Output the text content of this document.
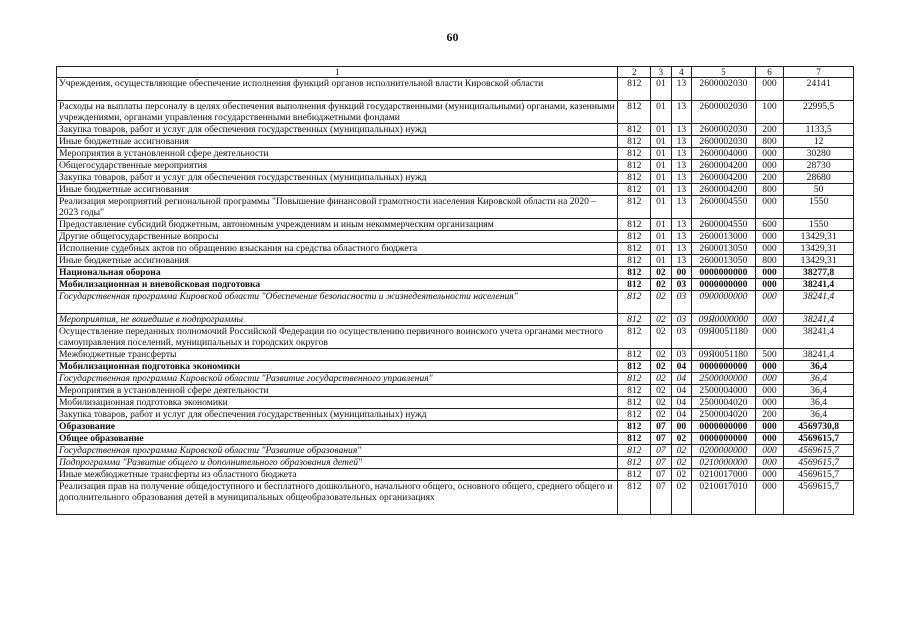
60
1	2	3	4	5	6	7
Учреждения, осуществляющие обеспечение исполнения функций органов исполнительной власти Кировской области	812	01	13	2600002030	000	24141
Расходы на выплаты персоналу в целях обеспечения выполнения функций государственными (муниципальными) органами, казенными учреждениями, органами управления государственными внебюджетными фондами	812	01	13	2600002030	100	22995,5
Закупка товаров, работ и услуг для обеспечения государственных (муниципальных) нужд	812	01	13	2600002030	200	1133,5
Иные бюджетные ассигнования	812	01	13	2600002030	800	12
Мероприятия в установленной сфере деятельности	812	01	13	2600004000	000	30280
Общегосударственные мероприятия	812	01	13	2600004200	000	28730
Закупка товаров, работ и услуг для обеспечения государственных (муниципальных) нужд	812	01	13	2600004200	200	28680
Иные бюджетные ассигнования	812	01	13	2600004200	800	50
Реализация мероприятий региональной программы "Повышение финансовой грамотности населения Кировской области на 2020 – 2023 годы"	812	01	13	2600004550	000	1550
Предоставление субсидий бюджетным, автономным учреждениям и иным некоммерческим организациям	812	01	13	2600004550	600	1550
Другие общегосударственные вопросы	812	01	13	2600013000	000	13429,31
Исполнение судебных актов по обращению взыскания на средства областного бюджета	812	01	13	2600013050	000	13429,31
Иные бюджетные ассигнования	812	01	13	2600013050	800	13429,31
Национальная оборона	812	02	00	0000000000	000	38277,8
Мобилизационная и вневойсковая подготовка	812	02	03	0000000000	000	38241,4
Государственная программа Кировской области "Обеспечение безопасности и жизнедеятельности населения"	812	02	03	0900000000	000	38241,4
Мероприятия, не вошедшие в подпрограммы	812	02	03	09Я0000000	000	38241,4
Осуществление переданных полномочий Российской Федерации по осуществлению первичного воинского учета органами местного самоуправления поселений, муниципальных и городских округов	812	02	03	09Я0051180	000	38241,4
Межбюджетные трансферты	812	02	03	09Я0051180	500	38241,4
Мобилизационная подготовка экономики	812	02	04	0000000000	000	36,4
Государственная программа Кировской области "Развитие государственного управления"	812	02	04	2500000000	000	36,4
Мероприятия в установленной сфере деятельности	812	02	04	2500004000	000	36,4
Мобилизационная подготовка экономики	812	02	04	2500004020	000	36,4
Закупка товаров, работ и услуг для обеспечения государственных (муниципальных) нужд	812	02	04	2500004020	200	36,4
Образование	812	07	00	0000000000	000	4569730,8
Общее образование	812	07	02	0000000000	000	4569615,7
Государственная программа Кировской области "Развитие образования"	812	07	02	0200000000	000	4569615,7
Подпрограмма "Развитие общего и дополнительного образования детей"	812	07	02	0210000000	000	4569615,7
Иные межбюджетные трансферты из областного бюджета	812	07	02	0210017000	000	4569615,7
Реализация прав на получение общедоступного и бесплатного дошкольного, начального общего, основного общего, среднего общего и дополнительного образования детей в муниципальных общеобразовательных организациях	812	07	02	0210017010	000	4569615,7
